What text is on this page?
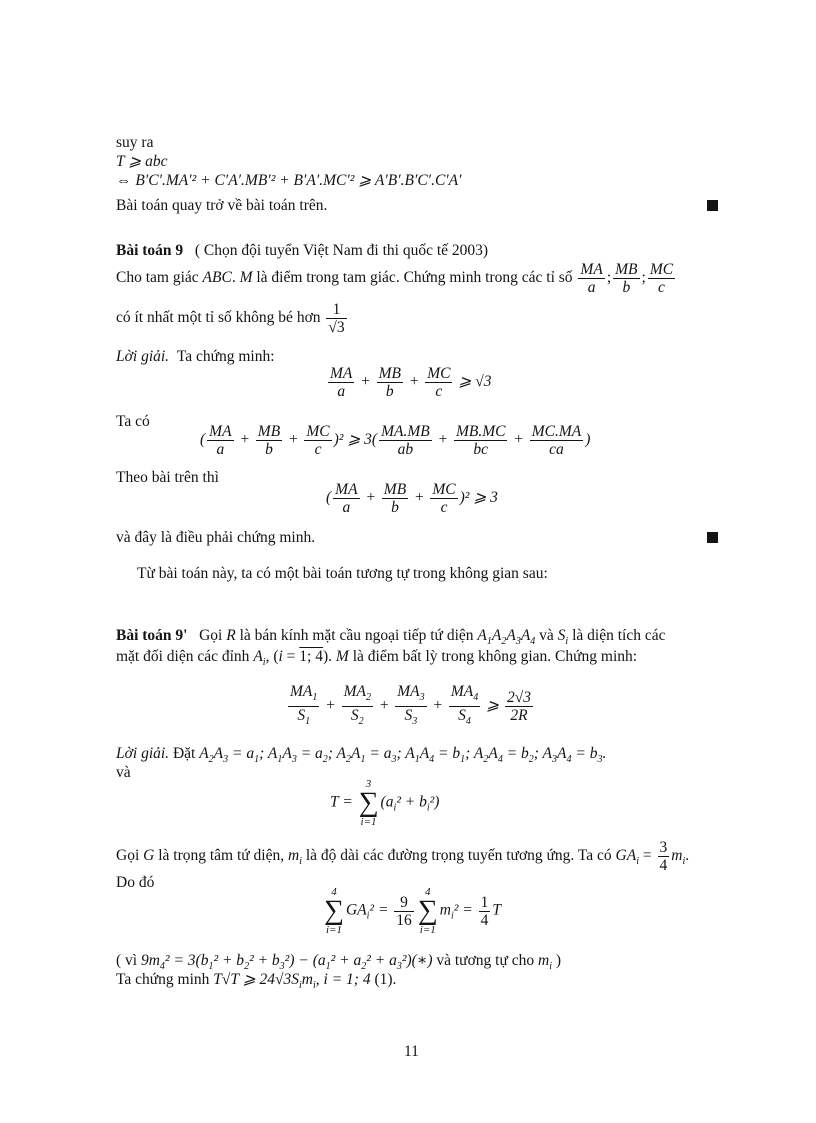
suy ra
T ⩾ abc
⇔ B′C′.MA′² + C′A′.MB′² + B′A′.MC′² ⩾ A′B′.B′C′.C′A′
Bài toán quay trở về bài toán trên.
Bài toán 9 ( Chọn đội tuyển Việt Nam đi thi quốc tế 2003)
Cho tam giác ABC. M là điểm trong tam giác. Chứng minh trong các tỉ số $\frac{MA}{a}$ ; $\frac{MB}{b}$ ; $\frac{MC}{c}$
có ít nhất một tỉ số không bé hơn $\frac{1}{√3}$
Lời giải. Ta chứng minh:
$\frac{MA}{a} + \frac{MB}{b} + \frac{MC}{c}$ ⩾ √3
Ta có
( $\frac{MA}{a} + \frac{MB}{b} + \frac{MC}{c} )^2$ ⩾ $3( \frac{MA.MB}{ab} + \frac{MB.MC}{bc} + \frac{MC.MA}{ca}$ )
Theo bài trên thì
( $\frac{MA}{a} + \frac{MB}{b} + \frac{MC}{c} )^2$ ⩾ 3
và đây là điều phải chứng minh.
Từ bài toán này, ta có một bài toán tương tự trong không gian sau:
Bài toán 9' Gọi R là bán kính mặt cầu ngoại tiếp tứ diện $A_1A_2A_3A_4$ và $S_i$ là diện tích các
mặt đối diện các đỉnh $A_i$, (i = 1; 4). M là điểm bất lỳ trong không gian. Chứng minh:
$\frac{MA_1}{S_1} + \frac{MA_2}{S_2} + \frac{MA_3}{S_3} + \frac{MA_4}{S_4}$ ⩾ $\frac{2√3}{2R}$
Lời giải. Đặt $A_2A_3 = a_1$; $A_1A_3 = a_2$; $A_2A_1 = a_3$; $A_1A_4 = b_1$; $A_2A_4 = b_2$; $A_3A_4 = b_3$.
và
T =
3
∑
i=1
$(a_i^2 + b_i^2)$
Gọi G là trọng tâm tứ diện, $m_i$ là độ dài các đường trọng tuyến tương ứng. Ta có $GA_i = \frac{3}{4} m_i$.
Do đó
4
∑
i=1
$GA_i^2 = \frac{9}{16}$
4
∑
i=1
$m_i^2 = \frac{1}{4}$ T
( vì $9m_4^2 = 3(b_1^2 + b_2^2 + b_3^2) - (a_1^2 + a_2^2$ + $a_3^2)(∗)$ và tương tự cho $m_i$ )
Ta chứng minh T√T ⩾ $24√3S_im_i$, i = 1; 4 (1).
11
